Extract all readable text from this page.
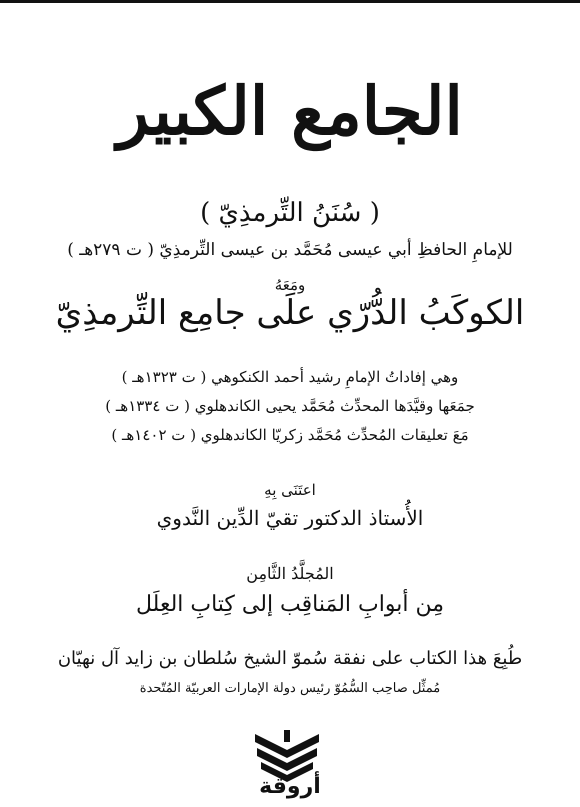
الجامع الكبير
( سُنَنُ التِّرمذِيّ )
للإمامِ الحافظِ أبي عيسى مُحَمَّد بن عيسى التِّرمذِيّ ( ت ٢٧٩هـ )
ومَعَهُ
الكوكَبُ الدُّرّي علَى جامِع التِّرمذِيّ
وهي إفاداتُ الإمامِ رشيد أحمد الكنكوهي ( ت ١٣٢٣هـ )
جمَعَها وقيَّدَها المحدِّث مُحَمَّد يحيى الكاندهلوي ( ت ١٣٣٤هـ )
مَعَ تعليقات المُحدِّث مُحَمَّد زكريّا الكاندهلوي ( ت ١٤٠٢هـ )
اعتَنَى بِهِ
الأُستاذ الدكتور تقيّ الدِّين النَّدوي
المُجلَّدُ الثَّامِن
مِن أبوابِ المَناقِب إلى كِتابِ العِلَل
طُبِعَ هذا الكتاب على نفقة سُموّ الشيخ سُلطان بن زايد آل نهيّان
مُمثِّل صاحِب السُّمُوّ رئيس دولة الإمارات العربيّة المُتّحدة
أروقة
